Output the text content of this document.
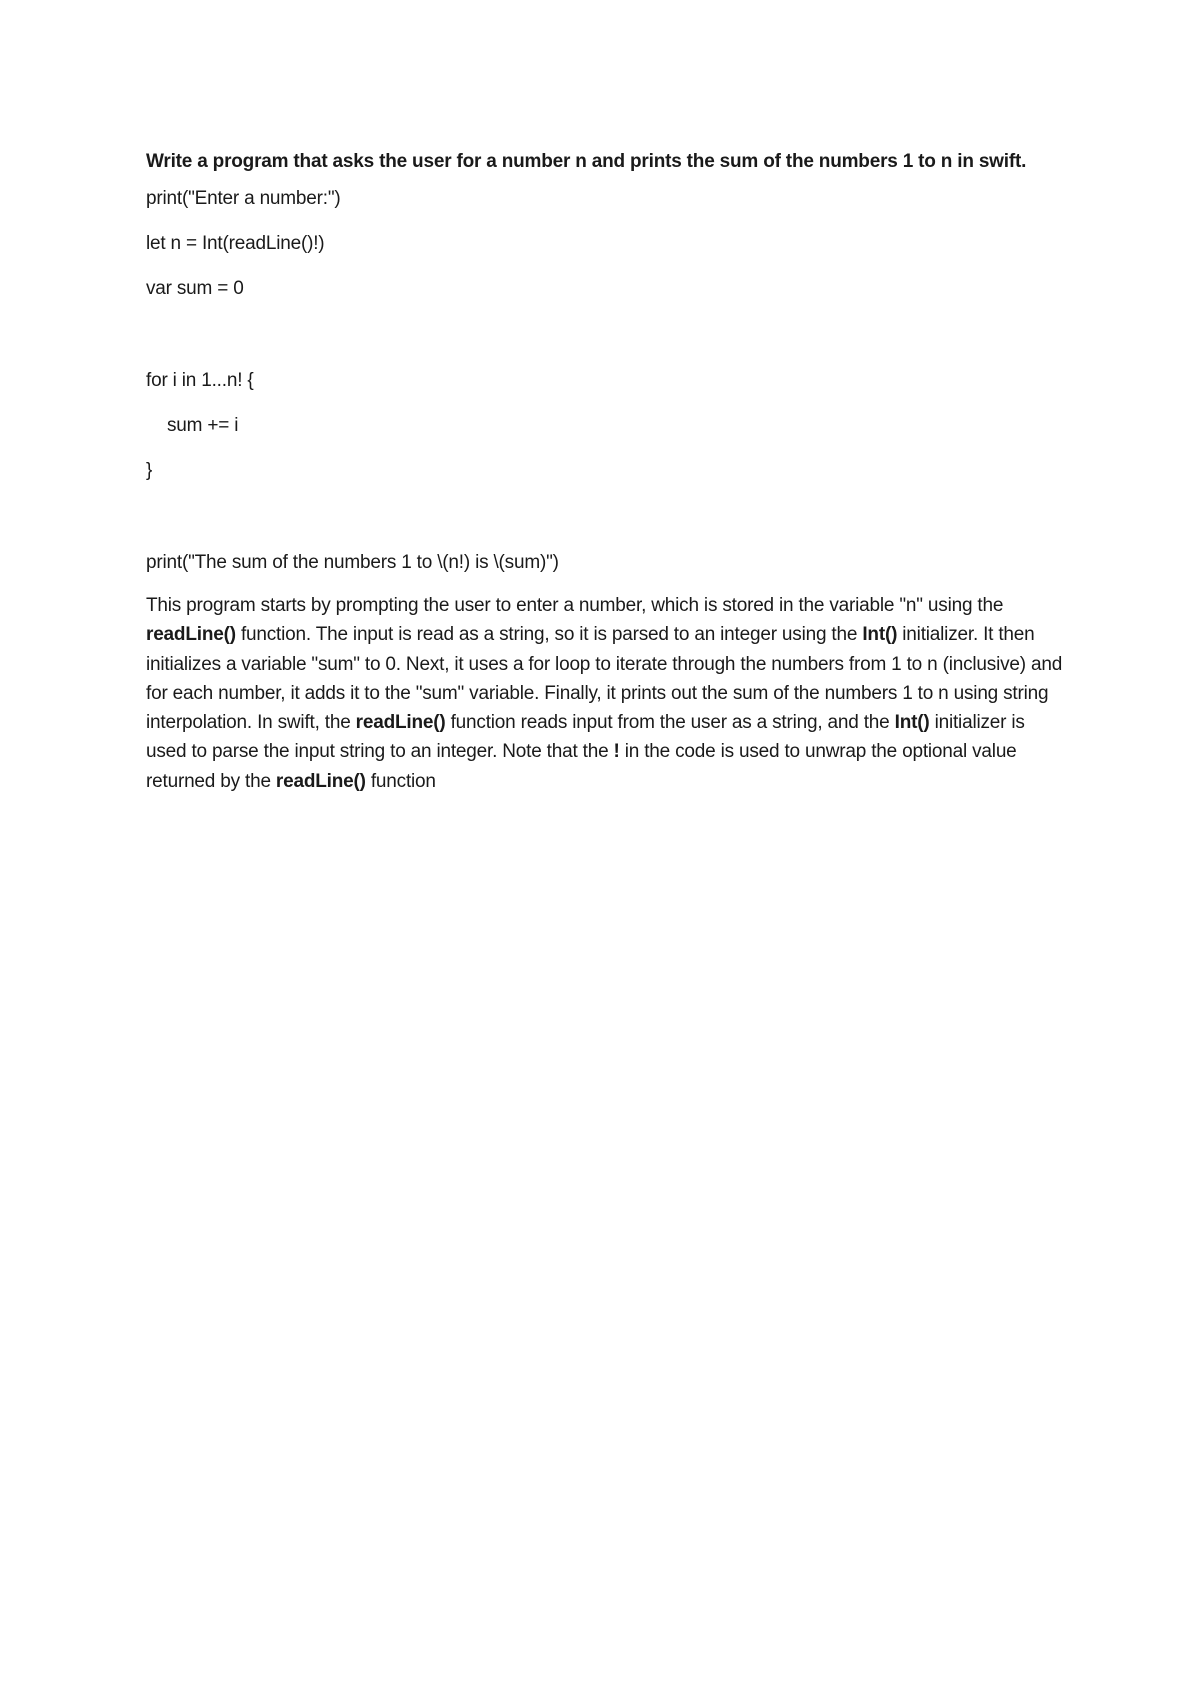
Write a program that asks the user for a number n and prints the sum of the numbers 1 to n in swift.

print("Enter a number:")

let n = Int(readLine()!)

var sum = 0

for i in 1...n! {

sum += i

}

print("The sum of the numbers 1 to \(n!) is \(sum)")

This program starts by prompting the user to enter a number, which is stored in the variable "n" using the readLine() function. The input is read as a string, so it is parsed to an integer using the Int() initializer. It then initializes a variable "sum" to 0. Next, it uses a for loop to iterate through the numbers from 1 to n (inclusive) and for each number, it adds it to the "sum" variable. Finally, it prints out the sum of the numbers 1 to n using string interpolation. In swift, the readLine() function reads input from the user as a string, and the Int() initializer is used to parse the input string to an integer. Note that the ! in the code is used to unwrap the optional value returned by the readLine() function
